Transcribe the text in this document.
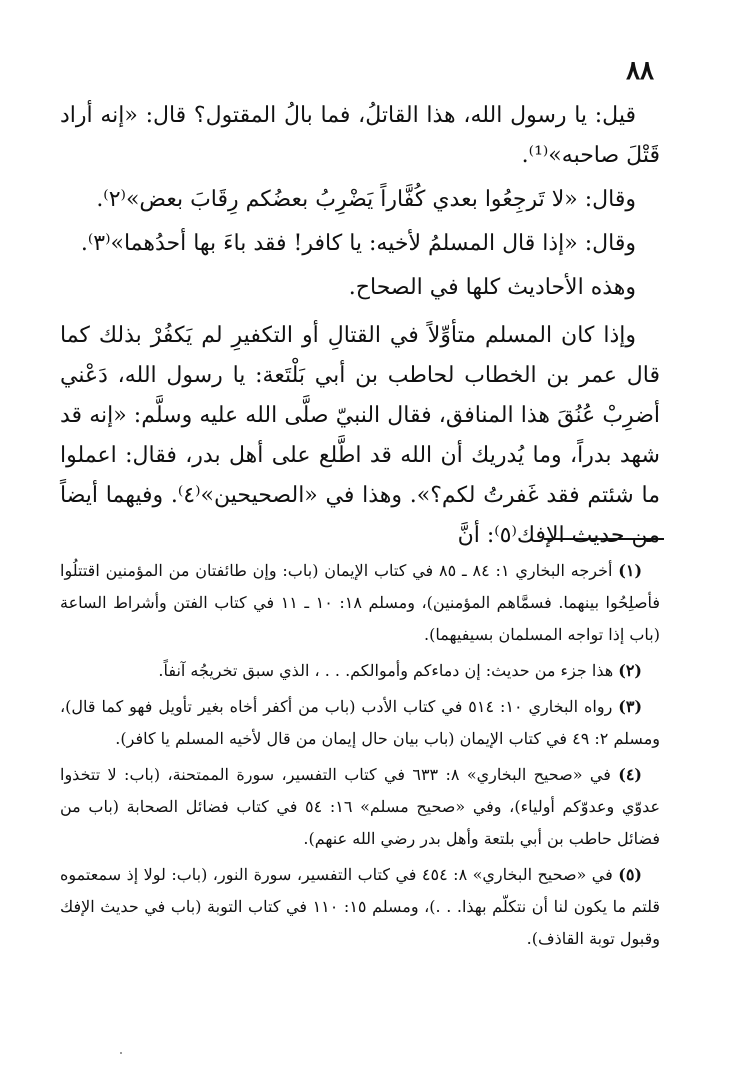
٨٨

قيل: يا رسول الله، هذا القاتلُ، فما بالُ المقتول؟ قال: «إنه أراد قَتْلَ صاحبه»⁽¹⁾.

وقال: «لا تَرجِعُوا بعدي كُفَّاراً يَضْرِبُ بعضُكم رِقَابَ بعض»⁽٢⁾.

وقال: «إذا قال المسلمُ لأخيه: يا كافر! فقد باءَ بها أحدُهما»⁽٣⁾.

وهذه الأحاديث كلها في الصحاح.

وإذا كان المسلم متأوِّلاً في القتالِ أو التكفيرِ لم يَكفُرْ بذلك كما قال عمر بن الخطاب لحاطب بن أبي بَلْتَعة: يا رسول الله، دَعْني أضرِبْ عُنُقَ هذا المنافق، فقال النبيّ صلَّى الله عليه وسلَّم: «إنه قد شهد بدراً، وما يُدريك أن الله قد اطَّلع على أهل بدر، فقال: اعملوا ما شئتم فقد غَفرتُ لكم؟». وهذا في «الصحيحين»⁽٤⁾. وفيهما أيضاً من حديث الإفك⁽٥⁾: أنَّ

(١) أخرجه البخاري ١: ٨٤ ـ ٨٥ في كتاب الإيمان (باب: وإن طائفتان من المؤمنين اقتتلُوا فأصلِحُوا بينهما. فسمَّاهم المؤمنين)، ومسلم ١٨: ١٠ ـ ١١ في كتاب الفتن وأشراط الساعة (باب إذا تواجه المسلمان بسيفيهما).

(٢) هذا جزء من حديث: إن دماءكم وأموالكم. . . ، الذي سبق تخريجُه آنفاً.

(٣) رواه البخاري ١٠: ٥١٤ في كتاب الأدب (باب من أكفر أخاه بغير تأويل فهو كما قال)، ومسلم ٢: ٤٩ في كتاب الإيمان (باب بيان حال إيمان من قال لأخيه المسلم يا كافر).

(٤) في «صحيح البخاري» ٨: ٦٣٣ في كتاب التفسير، سورة الممتحنة، (باب: لا تتخذوا عدوّي وعدوّكم أولياء)، وفي «صحيح مسلم» ١٦: ٥٤ في كتاب فضائل الصحابة (باب من فضائل حاطب بن أبي بلتعة وأهل بدر رضي الله عنهم).

(٥) في «صحيح البخاري» ٨: ٤٥٤ في كتاب التفسير، سورة النور، (باب: لولا إذ سمعتموه قلتم ما يكون لنا أن نتكلّم بهذا. . .)، ومسلم ١٥: ١١٠ في كتاب التوبة (باب في حديث الإفك وقبول توبة القاذف).
